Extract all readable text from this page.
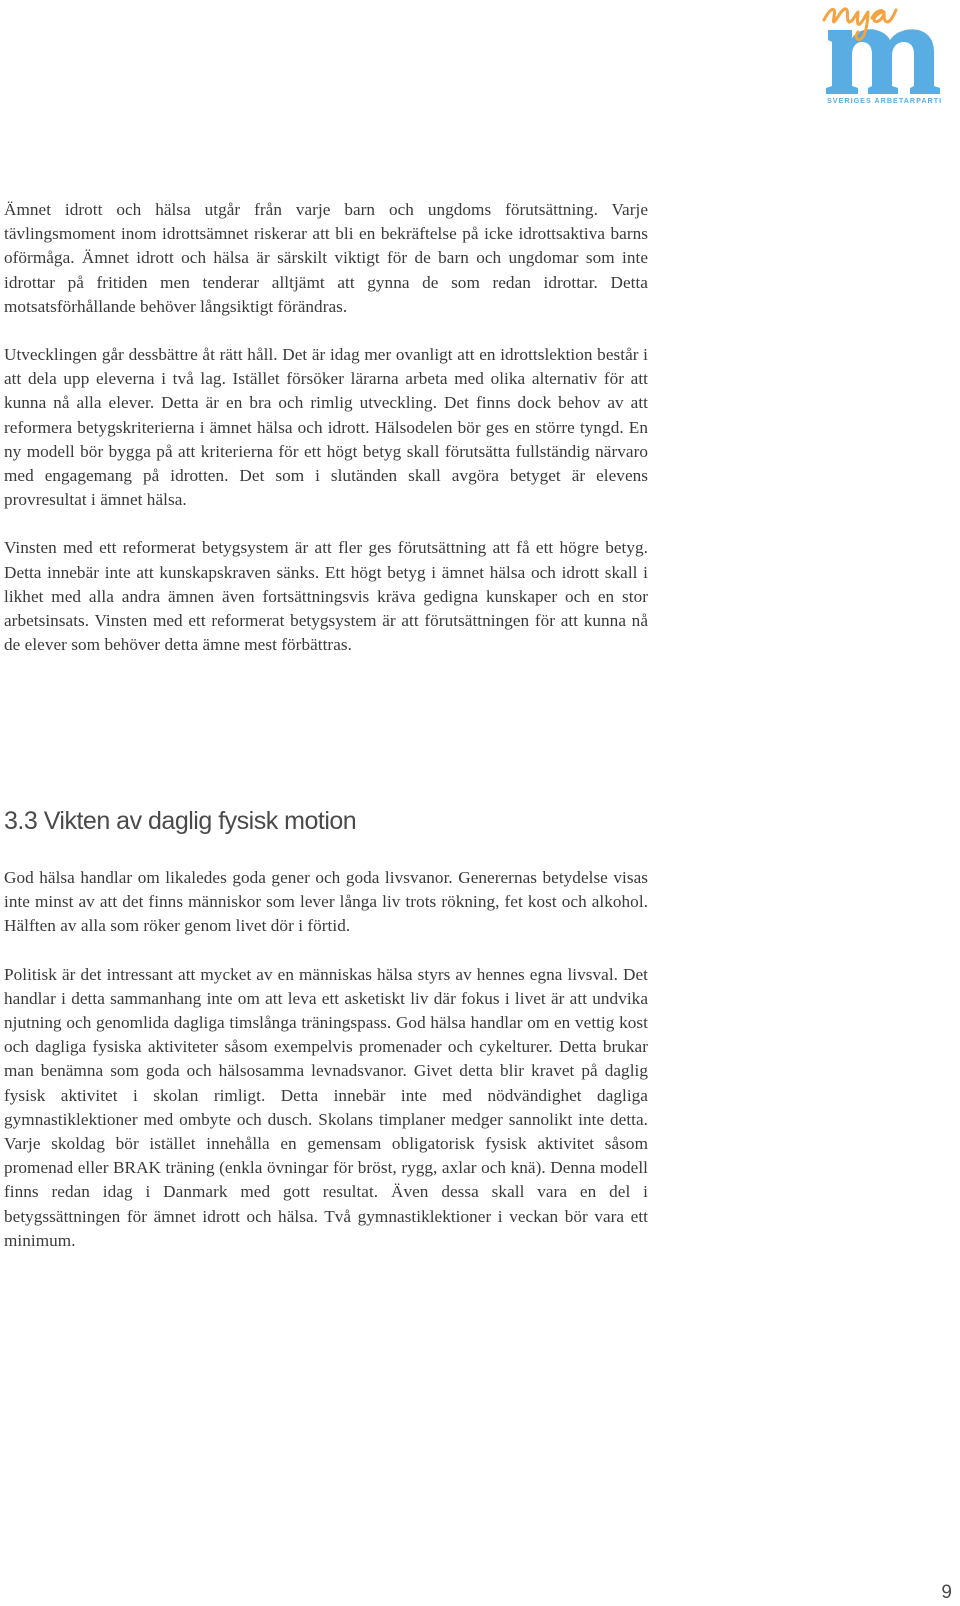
SVERIGES ARBETARPARTI

Ämnet idrott och hälsa utgår från varje barn och ungdoms förutsättning. Varje tävlingsmoment inom idrottsämnet riskerar att bli en bekräftelse på icke idrottsaktiva barns oförmåga. Ämnet idrott och hälsa är särskilt viktigt för de barn och ungdomar som inte idrottar på fritiden men tenderar alltjämt att gynna de som redan idrottar. Detta motsatsförhållande behöver långsiktigt förändras.

Utvecklingen går dessbättre åt rätt håll. Det är idag mer ovanligt att en idrottslektion består i att dela upp eleverna i två lag. Istället försöker lärarna arbeta med olika alternativ för att kunna nå alla elever. Detta är en bra och rimlig utveckling. Det finns dock behov av att reformera betygskriterierna i ämnet hälsa och idrott. Hälsodelen bör ges en större tyngd. En ny modell bör bygga på att kriterierna för ett högt betyg skall förutsätta fullständig närvaro med engagemang på idrotten. Det som i slutänden skall avgöra betyget är elevens provresultat i ämnet hälsa.

Vinsten med ett reformerat betygsystem är att fler ges förutsättning att få ett högre betyg. Detta innebär inte att kunskapskraven sänks. Ett högt betyg i ämnet hälsa och idrott skall i likhet med alla andra ämnen även fortsättningsvis kräva gedigna kunskaper och en stor arbetsinsats. Vinsten med ett reformerat betygsystem är att förutsättningen för att kunna nå de elever som behöver detta ämne mest förbättras.

3.3 Vikten av daglig fysisk motion

God hälsa handlar om likaledes goda gener och goda livsvanor. Generernas betydelse visas inte minst av att det finns människor som lever långa liv trots rökning, fet kost och alkohol. Hälften av alla som röker genom livet dör i förtid.

Politisk är det intressant att mycket av en människas hälsa styrs av hennes egna livsval. Det handlar i detta sammanhang inte om att leva ett asketiskt liv där fokus i livet är att undvika njutning och genomlida dagliga timslånga träningspass. God hälsa handlar om en vettig kost och dagliga fysiska aktiviteter såsom exempelvis promenader och cykelturer. Detta brukar man benämna som goda och hälsosamma levnadsvanor. Givet detta blir kravet på daglig fysisk aktivitet i skolan rimligt. Detta innebär inte med nödvändighet dagliga gymnastiklektioner med ombyte och dusch. Skolans timplaner medger sannolikt inte detta. Varje skoldag bör istället innehålla en gemensam obligatorisk fysisk aktivitet såsom promenad eller BRAK träning (enkla övningar för bröst, rygg, axlar och knä). Denna modell finns redan idag i Danmark med gott resultat. Även dessa skall vara en del i betygssättningen för ämnet idrott och hälsa. Två gymnastiklektioner i veckan bör vara ett minimum.

9
